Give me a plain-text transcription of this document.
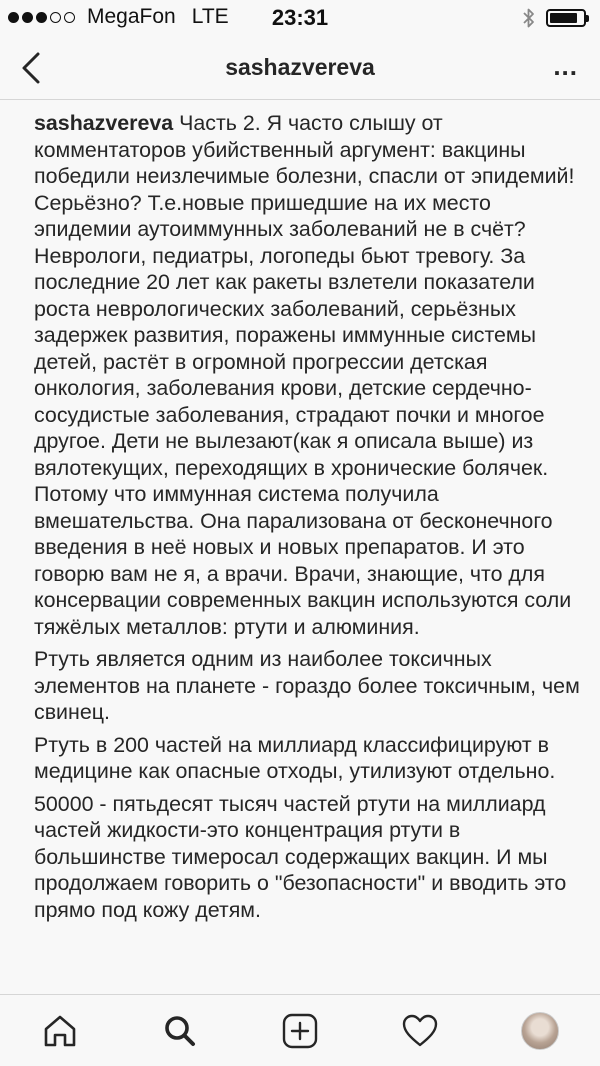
MegaFon LTE	23:31
sashazvereva	...

sashazvereva Часть 2. Я часто слышу от комментаторов убийственный аргумент: вакцины победили неизлечимые болезни, спасли от эпидемий! Серьёзно? Т.е.новые пришедшие на их место эпидемии аутоиммунных заболеваний не в счёт? Неврологи, педиатры, логопеды бьют тревогу. За последние 20 лет как ракеты взлетели показатели роста неврологических заболеваний, серьёзных задержек развития, поражены иммунные системы детей, растёт в огромной прогрессии детская онкология, заболевания крови, детские сердечно-сосудистые заболевания, страдают почки и многое другое. Дети не вылезают(как я описала выше) из вялотекущих, переходящих в хронические болячек. Потому что иммунная система получила вмешательства. Она парализована от бесконечного введения в неё новых и новых препаратов. И это говорю вам не я, а врачи. Врачи, знающие, что для консервации современных вакцин используются соли тяжёлых металлов: ртути и алюминия.

Ртуть является одним из наиболее токсичных элементов на планете - гораздо более токсичным, чем свинец.

Ртуть в 200 частей на миллиард классифицируют в медицине как опасные отходы, утилизуют отдельно.

50000 - пятьдесят тысяч частей ртути на миллиард частей жидкости-это концентрация ртути в большинстве тимеросал содержащих вакцин. И мы продолжаем говорить о "безопасности" и вводить это прямо под кожу детям.
